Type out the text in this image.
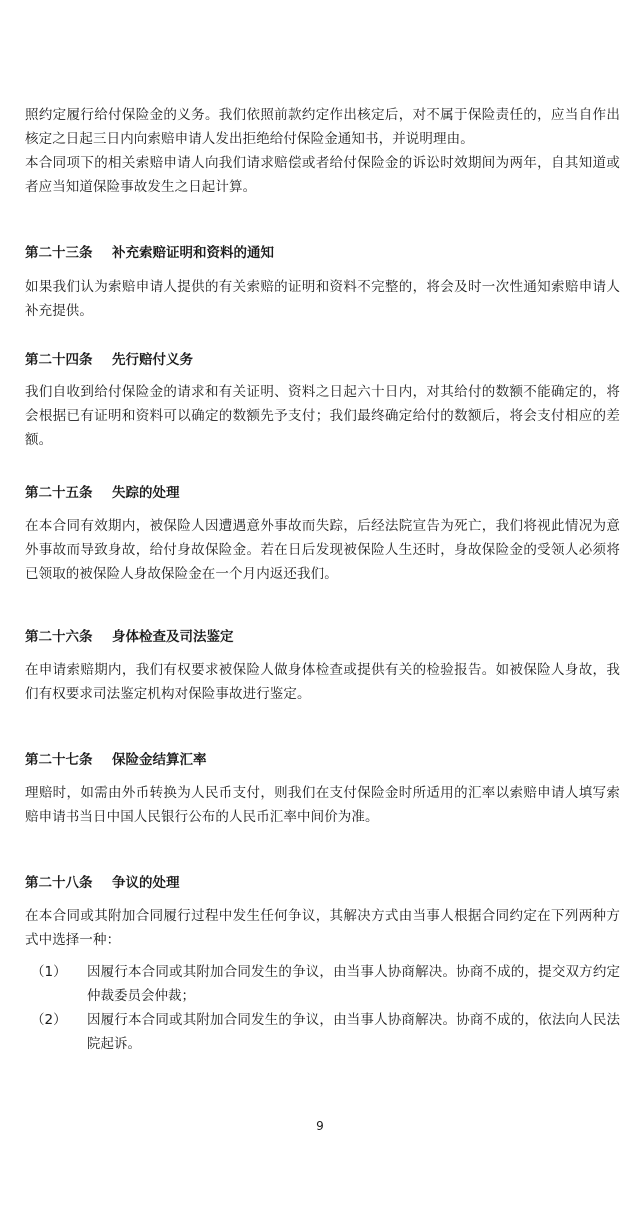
照约定履行给付保险金的义务。我们依照前款约定作出核定后，对不属于保险责任的，应当自作出核定之日起三日内向索赔申请人发出拒绝给付保险金通知书，并说明理由。

本合同项下的相关索赔申请人向我们请求赔偿或者给付保险金的诉讼时效期间为两年，自其知道或者应当知道保险事故发生之日起计算。

第二十三条 补充索赔证明和资料的通知

如果我们认为索赔申请人提供的有关索赔的证明和资料不完整的，将会及时一次性通知索赔申请人补充提供。

第二十四条 先行赔付义务

我们自收到给付保险金的请求和有关证明、资料之日起六十日内，对其给付的数额不能确定的，将会根据已有证明和资料可以确定的数额先予支付；我们最终确定给付的数额后，将会支付相应的差额。

第二十五条 失踪的处理

在本合同有效期内，被保险人因遭遇意外事故而失踪，后经法院宣告为死亡，我们将视此情况为意外事故而导致身故，给付身故保险金。若在日后发现被保险人生还时，身故保险金的受领人必须将已领取的被保险人身故保险金在一个月内返还我们。

第二十六条 身体检查及司法鉴定

在申请索赔期内，我们有权要求被保险人做身体检查或提供有关的检验报告。如被保险人身故，我们有权要求司法鉴定机构对保险事故进行鉴定。

第二十七条 保险金结算汇率

理赔时，如需由外币转换为人民币支付，则我们在支付保险金时所适用的汇率以索赔申请人填写索赔申请书当日中国人民银行公布的人民币汇率中间价为准。

第二十八条 争议的处理

在本合同或其附加合同履行过程中发生任何争议，其解决方式由当事人根据合同约定在下列两种方式中选择一种：

（1） 因履行本合同或其附加合同发生的争议，由当事人协商解决。协商不成的，提交双方约定仲裁委员会仲裁；
（2） 因履行本合同或其附加合同发生的争议，由当事人协商解决。协商不成的，依法向人民法院起诉。
9
